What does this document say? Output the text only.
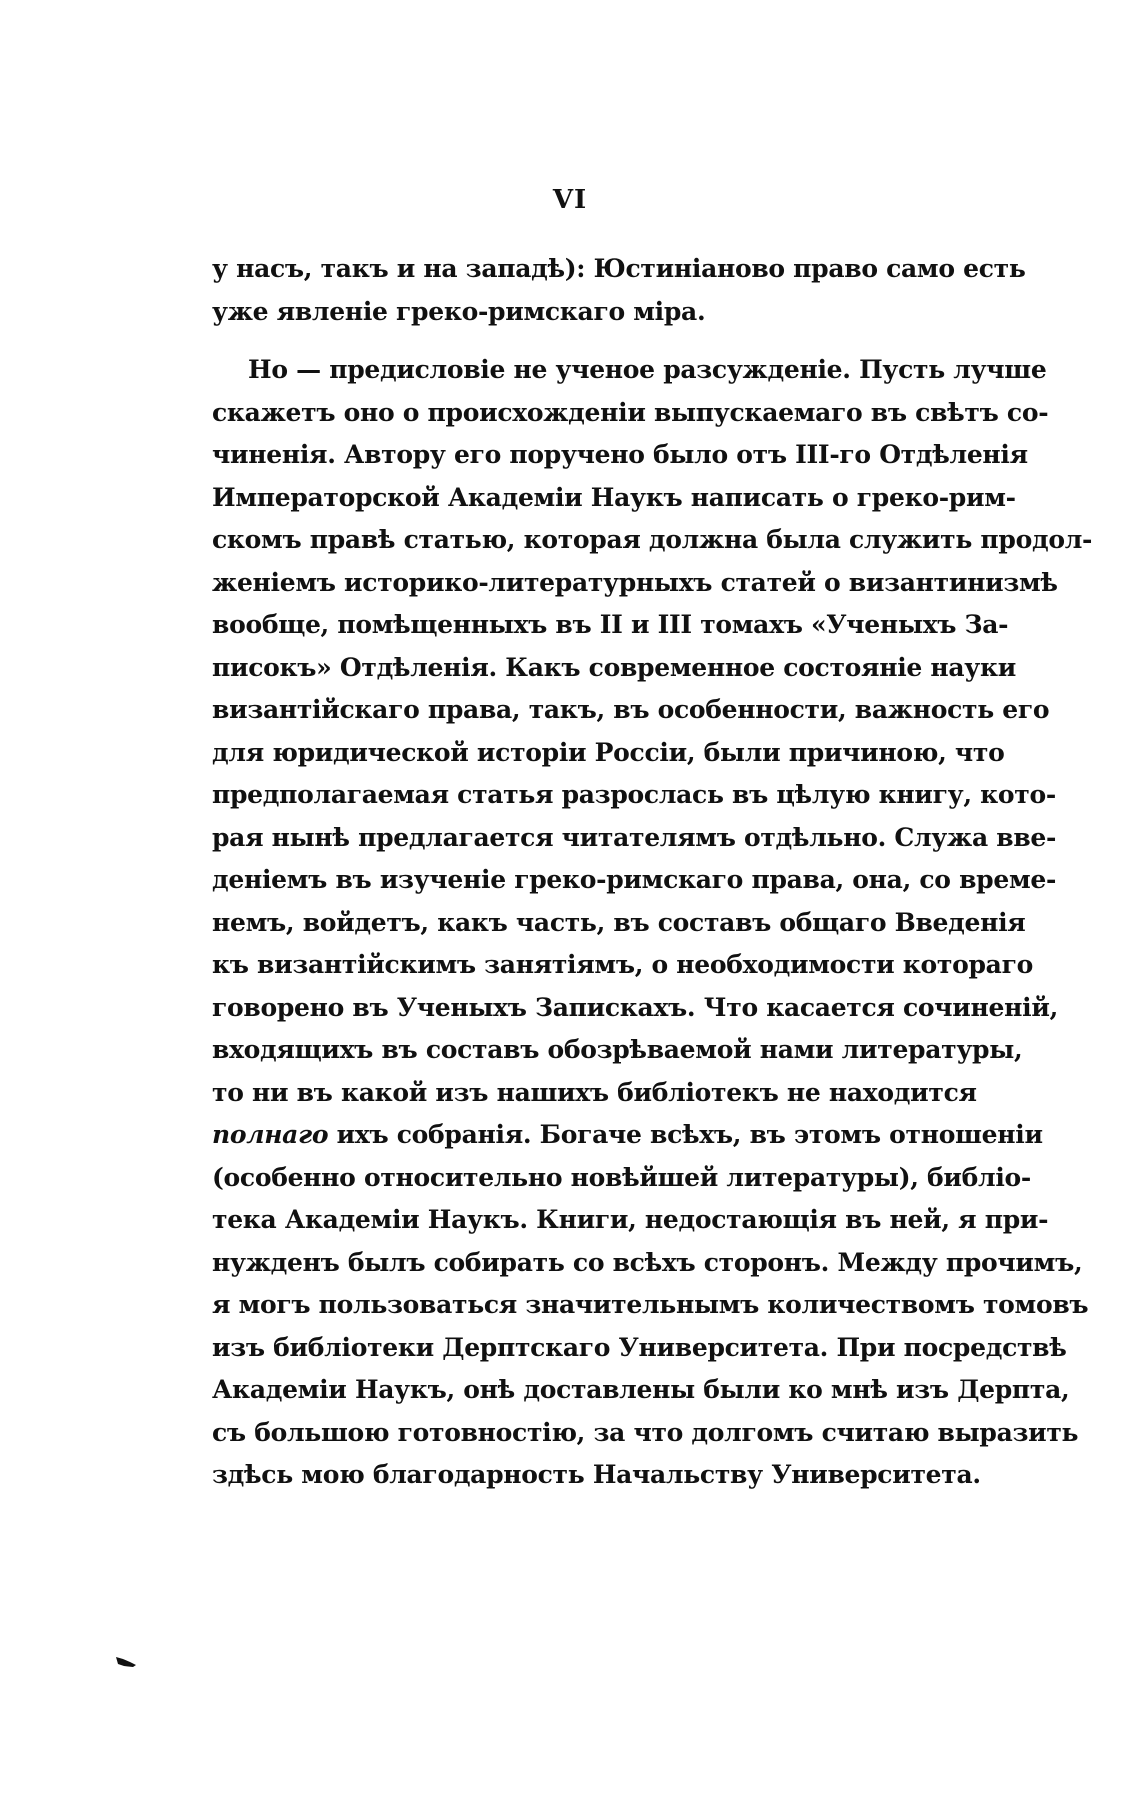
VI
у насъ, такъ и на западѣ): Юстиніаново право само есть
уже явленіе греко-римскаго міра.
Но — предисловіе не ученое разсужденіе. Пусть лучше
скажетъ оно о происхожденіи выпускаемаго въ свѣтъ со-
чиненія. Автору его поручено было отъ III-го Отдѣленія
Императорской Академіи Наукъ написать о греко-рим-
скомъ правѣ статью, которая должна была служить продол-
женіемъ историко-литературныхъ статей о византинизмѣ
вообще, помѣщенныхъ въ II и III томахъ «Ученыхъ За-
писокъ» Отдѣленія. Какъ современное состояніе науки
византійскаго права, такъ, въ особенности, важность его
для юридической исторіи Россіи, были причиною, что
предполагаемая статья разрослась въ цѣлую книгу, кото-
рая нынѣ предлагается читателямъ отдѣльно. Служа вве-
деніемъ въ изученіе греко-римскаго права, она, со време-
немъ, войдетъ, какъ часть, въ составъ общаго Введенія
къ византійскимъ занятіямъ, о необходимости котораго
говорено въ Ученыхъ Запискахъ. Что касается сочиненій,
входящихъ въ составъ обозрѣваемой нами литературы,
то ни въ какой изъ нашихъ библіотекъ не находится
полнаго ихъ собранія. Богаче всѣхъ, въ этомъ отношеніи
(особенно относительно новѣйшей литературы), библіо-
тека Академіи Наукъ. Книги, недостающія въ ней, я при-
нужденъ былъ собирать со всѣхъ сторонъ. Между прочимъ,
я могъ пользоваться значительнымъ количествомъ томовъ
изъ библіотеки Дерптскаго Университета. При посредствѣ
Академіи Наукъ, онѣ доставлены были ко мнѣ изъ Дерпта,
съ большою готовностію, за что долгомъ считаю выразить
здѣсь мою благодарность Начальству Университета.
